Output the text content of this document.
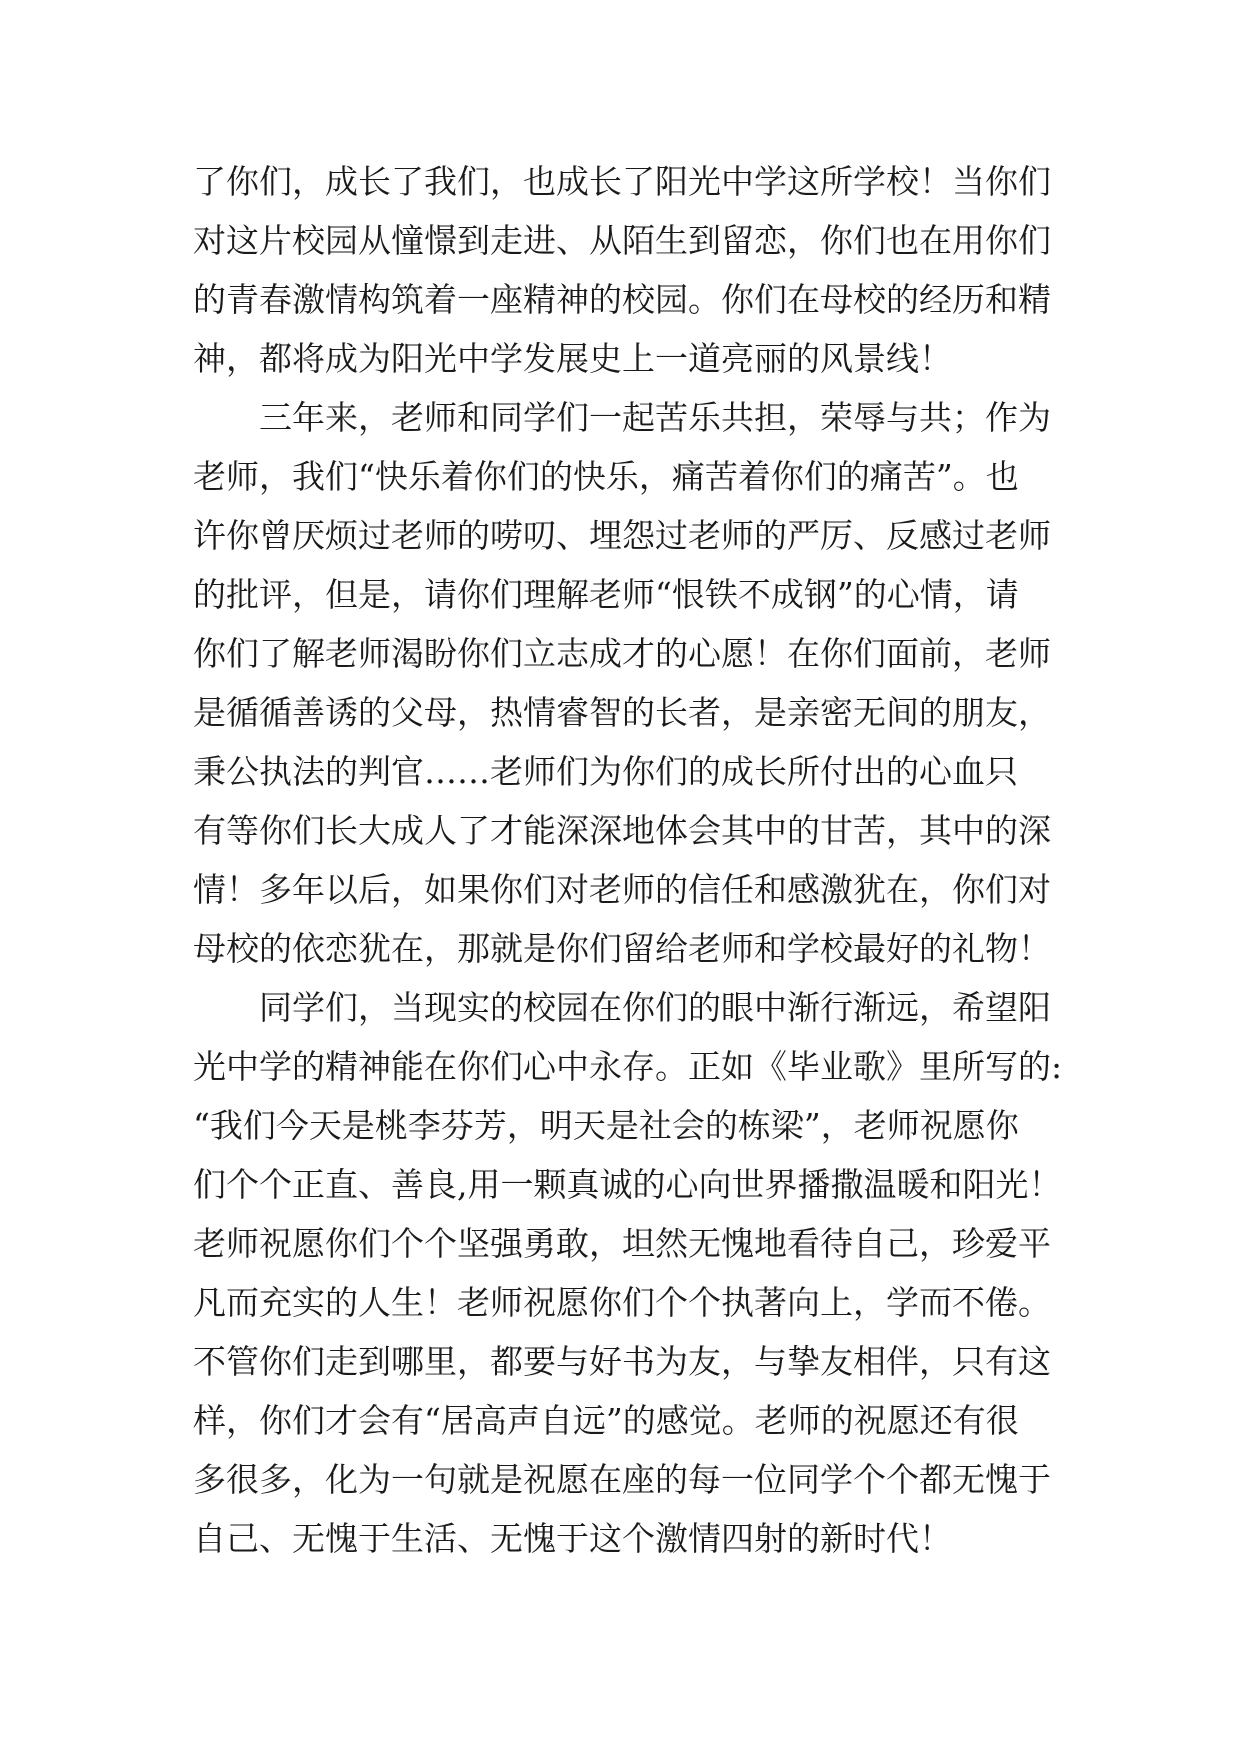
了你们，成长了我们，也成长了阳光中学这所学校！当你们
对这片校园从憧憬到走进、从陌生到留恋，你们也在用你们
的青春激情构筑着一座精神的校园。你们在母校的经历和精
神，都将成为阳光中学发展史上一道亮丽的风景线！
　　三年来，老师和同学们一起苦乐共担，荣辱与共；作为
老师，我们“快乐着你们的快乐，痛苦着你们的痛苦”。也
许你曾厌烦过老师的唠叨、埋怨过老师的严厉、反感过老师
的批评，但是，请你们理解老师“恨铁不成钢”的心情，请
你们了解老师渴盼你们立志成才的心愿！在你们面前，老师
是循循善诱的父母，热情睿智的长者，是亲密无间的朋友，
秉公执法的判官……老师们为你们的成长所付出的心血只
有等你们长大成人了才能深深地体会其中的甘苦，其中的深
情！多年以后，如果你们对老师的信任和感激犹在，你们对
母校的依恋犹在，那就是你们留给老师和学校最好的礼物！
　　同学们，当现实的校园在你们的眼中渐行渐远，希望阳
光中学的精神能在你们心中永存。正如《毕业歌》里所写的:
“我们今天是桃李芬芳，明天是社会的栋梁”，老师祝愿你
们个个正直、善良,用一颗真诚的心向世界播撒温暖和阳光！
老师祝愿你们个个坚强勇敢，坦然无愧地看待自己，珍爱平
凡而充实的人生！老师祝愿你们个个执著向上，学而不倦。
不管你们走到哪里，都要与好书为友，与挚友相伴，只有这
样，你们才会有“居高声自远”的感觉。老师的祝愿还有很
多很多，化为一句就是祝愿在座的每一位同学个个都无愧于
自己、无愧于生活、无愧于这个激情四射的新时代！
